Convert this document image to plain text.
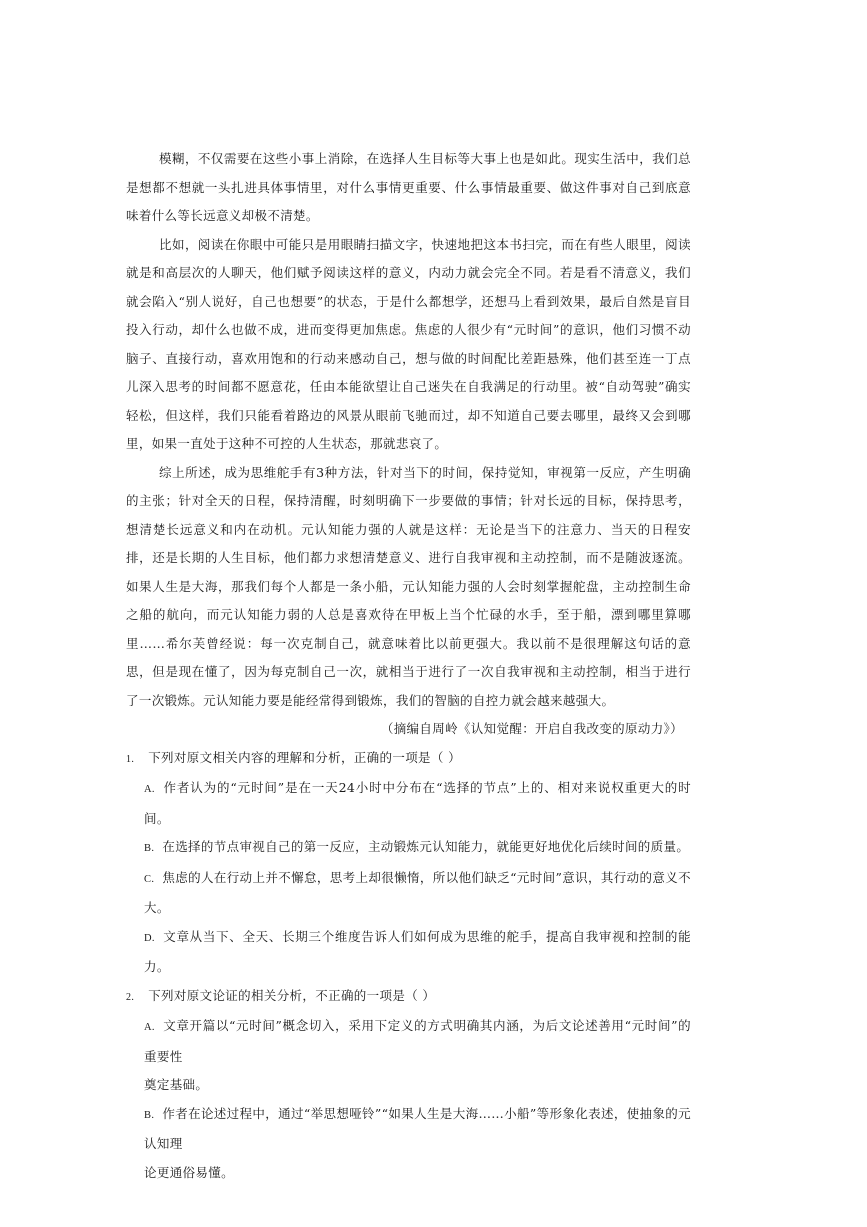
模糊，不仅需要在这些小事上消除，在选择人生目标等大事上也是如此。现实生活中，我们总是想都不想就一头扎进具体事情里，对什么事情更重要、什么事情最重要、做这件事对自己到底意味着什么等长远意义却极不清楚。

比如，阅读在你眼中可能只是用眼睛扫描文字，快速地把这本书扫完，而在有些人眼里，阅读就是和高层次的人聊天，他们赋予阅读这样的意义，内动力就会完全不同。若是看不清意义，我们就会陷入“别人说好，自己也想要”的状态，于是什么都想学，还想马上看到效果，最后自然是盲目投入行动，却什么也做不成，进而变得更加焦虑。焦虑的人很少有“元时间”的意识，他们习惯不动脑子、直接行动，喜欢用饱和的行动来感动自己，想与做的时间配比差距悬殊，他们甚至连一丁点儿深入思考的时间都不愿意花，任由本能欲望让自己迷失在自我满足的行动里。被“自动驾驶”确实轻松，但这样，我们只能看着路边的风景从眼前飞驰而过，却不知道自己要去哪里，最终又会到哪里，如果一直处于这种不可控的人生状态，那就悲哀了。

综上所述，成为思维舵手有3种方法，针对当下的时间，保持觉知，审视第一反应，产生明确的主张；针对全天的日程，保持清醒，时刻明确下一步要做的事情；针对长远的目标，保持思考，想清楚长远意义和内在动机。元认知能力强的人就是这样：无论是当下的注意力、当天的日程安排，还是长期的人生目标，他们都力求想清楚意义、进行自我审视和主动控制，而不是随波逐流。如果人生是大海，那我们每个人都是一条小船，元认知能力强的人会时刻掌握舵盘，主动控制生命之船的航向，而元认知能力弱的人总是喜欢待在甲板上当个忙碌的水手，至于船，漂到哪里算哪里……希尔芙曾经说：每一次克制自己，就意味着比以前更强大。我以前不是很理解这句话的意思，但是现在懂了，因为每克制自己一次，就相当于进行了一次自我审视和主动控制，相当于进行了一次锻炼。元认知能力要是能经常得到锻炼，我们的智脑的自控力就会越来越强大。

（摘编自周岭《认知觉醒：开启自我改变的原动力》）

1. 下列对原文相关内容的理解和分析，正确的一项是（ ）

A. 作者认为的“元时间”是在一天24小时中分布在“选择的节点”上的、相对来说权重更大的时间。

B. 在选择的节点审视自己的第一反应，主动锻炼元认知能力，就能更好地优化后续时间的质量。

C. 焦虑的人在行动上并不懈怠，思考上却很懒惰，所以他们缺乏“元时间”意识，其行动的意义不大。

D. 文章从当下、全天、长期三个维度告诉人们如何成为思维的舵手，提高自我审视和控制的能力。

2. 下列对原文论证的相关分析，不正确的一项是（ ）

A. 文章开篇以“元时间”概念切入，采用下定义的方式明确其内涵，为后文论述善用“元时间”的重要性
奠定基础。

B. 作者在论述过程中，通过“举思想哑铃”“如果人生是大海……小船”等形象化表述，使抽象的元认知理
论更通俗易懂。
